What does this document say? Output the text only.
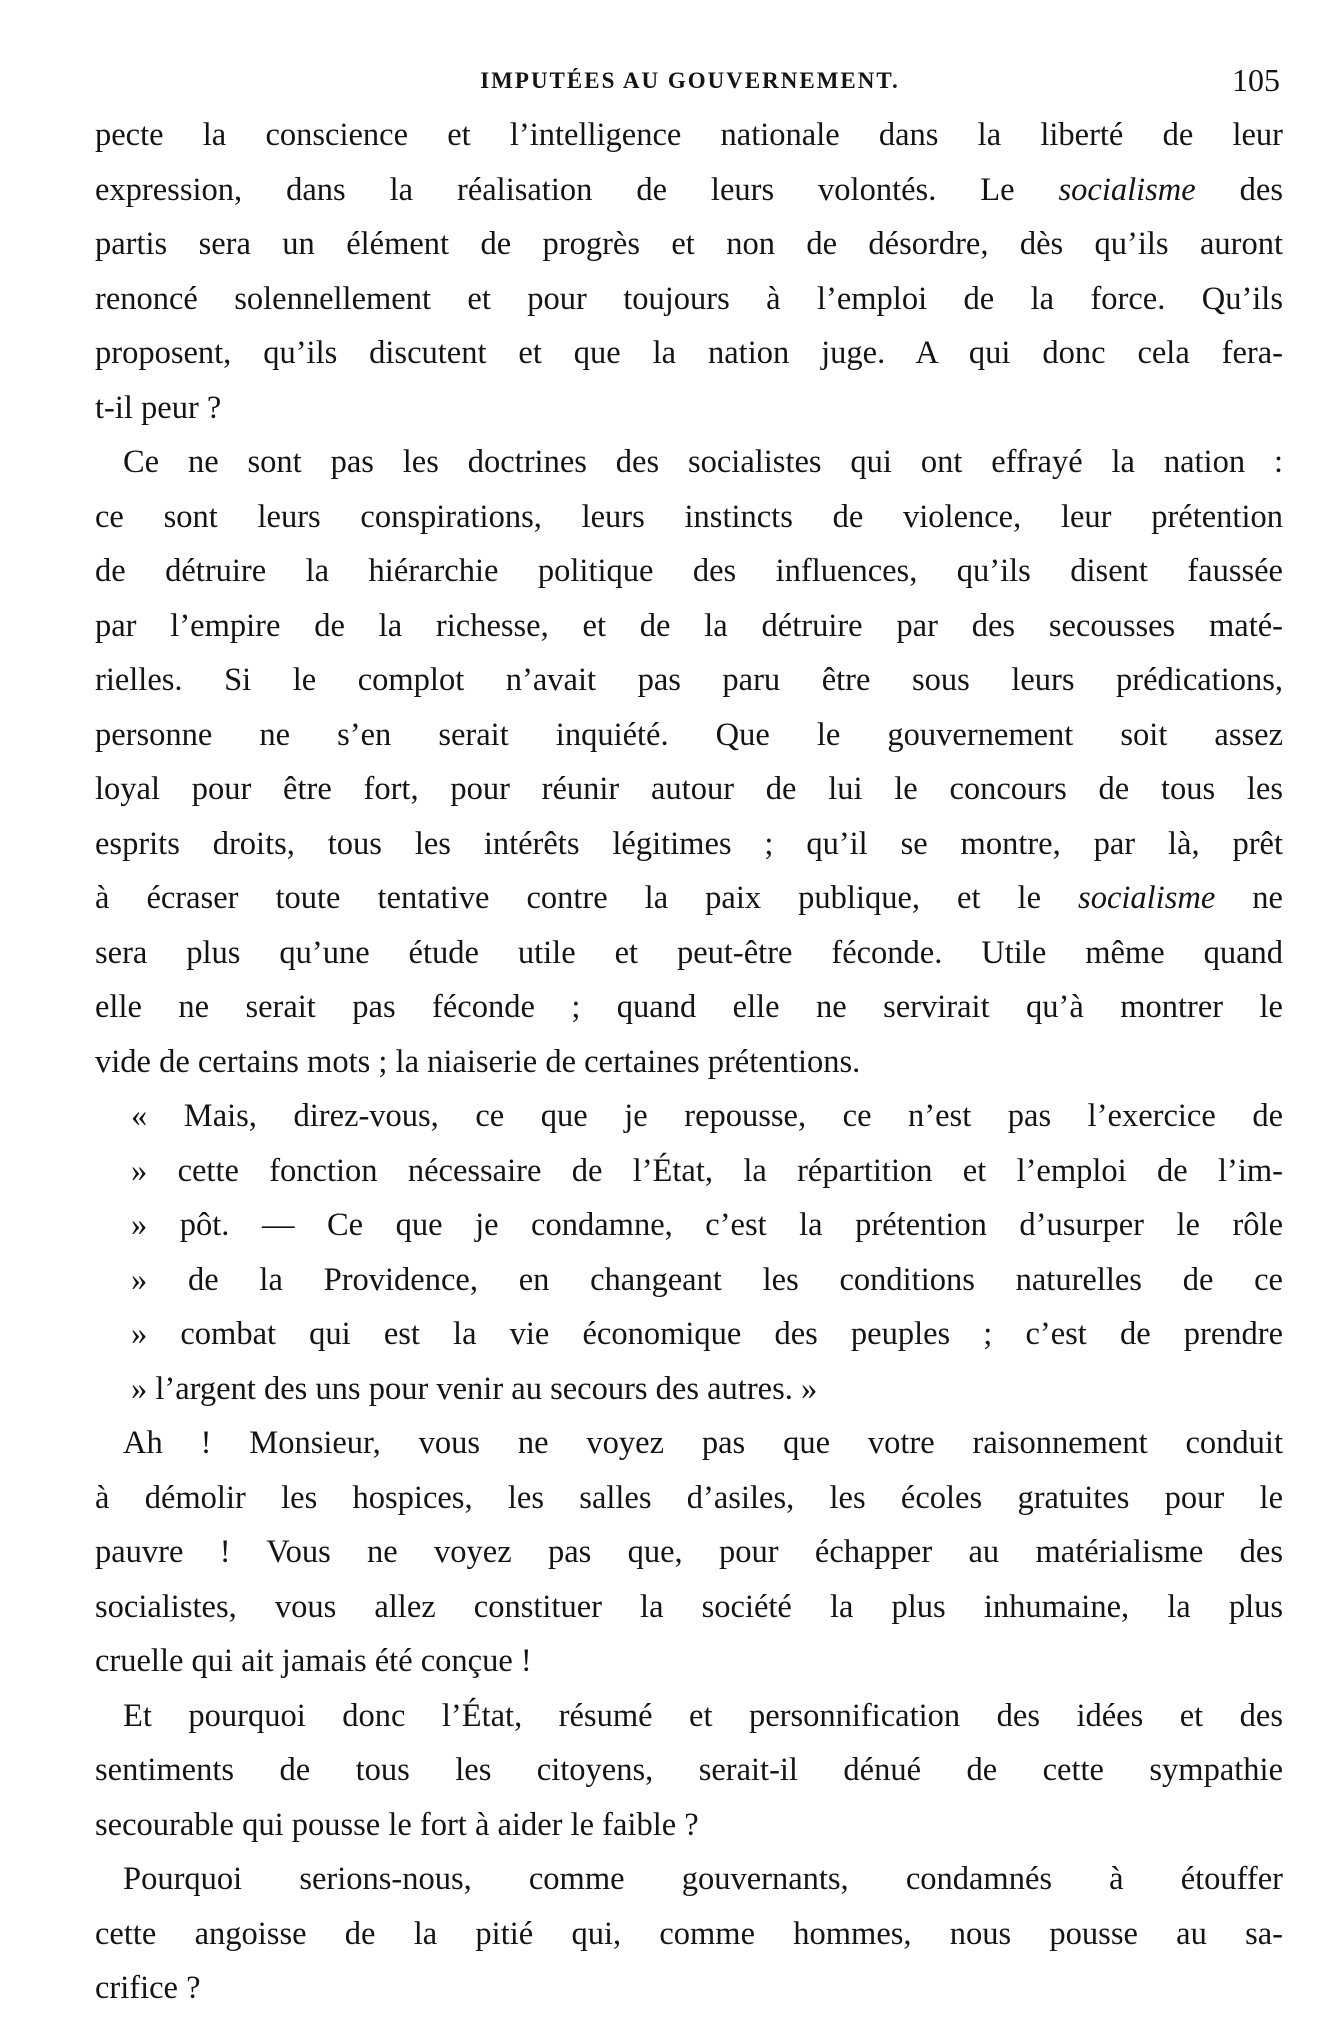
IMPUTÉES AU GOUVERNEMENT.	105
pecte la conscience et l’intelligence nationale dans la liberté de leur
expression, dans la réalisation de leurs volontés. Le socialisme des
partis sera un élément de progrès et non de désordre, dès qu’ils auront
renoncé solennellement et pour toujours à l’emploi de la force. Qu’ils
proposent, qu’ils discutent et que la nation juge. A qui donc cela fera-
t-il peur ?
Ce ne sont pas les doctrines des socialistes qui ont effrayé la nation :
ce sont leurs conspirations, leurs instincts de violence, leur prétention
de détruire la hiérarchie politique des influences, qu’ils disent faussée
par l’empire de la richesse, et de la détruire par des secousses maté-
rielles. Si le complot n’avait pas paru être sous leurs prédications,
personne ne s’en serait inquiété. Que le gouvernement soit assez
loyal pour être fort, pour réunir autour de lui le concours de tous les
esprits droits, tous les intérêts légitimes ; qu’il se montre, par là, prêt
à écraser toute tentative contre la paix publique, et le socialisme ne
sera plus qu’une étude utile et peut-être féconde. Utile même quand
elle ne serait pas féconde ; quand elle ne servirait qu’à montrer le
vide de certains mots ; la niaiserie de certaines prétentions.
« Mais, direz-vous, ce que je repousse, ce n’est pas l’exercice de
» cette fonction nécessaire de l’État, la répartition et l’emploi de l’im-
» pôt. — Ce que je condamne, c’est la prétention d’usurper le rôle
» de la Providence, en changeant les conditions naturelles de ce
» combat qui est la vie économique des peuples ; c’est de prendre
» l’argent des uns pour venir au secours des autres. »
Ah ! Monsieur, vous ne voyez pas que votre raisonnement conduit
à démolir les hospices, les salles d’asiles, les écoles gratuites pour le
pauvre ! Vous ne voyez pas que, pour échapper au matérialisme des
socialistes, vous allez constituer la société la plus inhumaine, la plus
cruelle qui ait jamais été conçue !
Et pourquoi donc l’État, résumé et personnification des idées et des
sentiments de tous les citoyens, serait-il dénué de cette sympathie
secourable qui pousse le fort à aider le faible ?
Pourquoi serions-nous, comme gouvernants, condamnés à étouffer
cette angoisse de la pitié qui, comme hommes, nous pousse au sa-
crifice ?
